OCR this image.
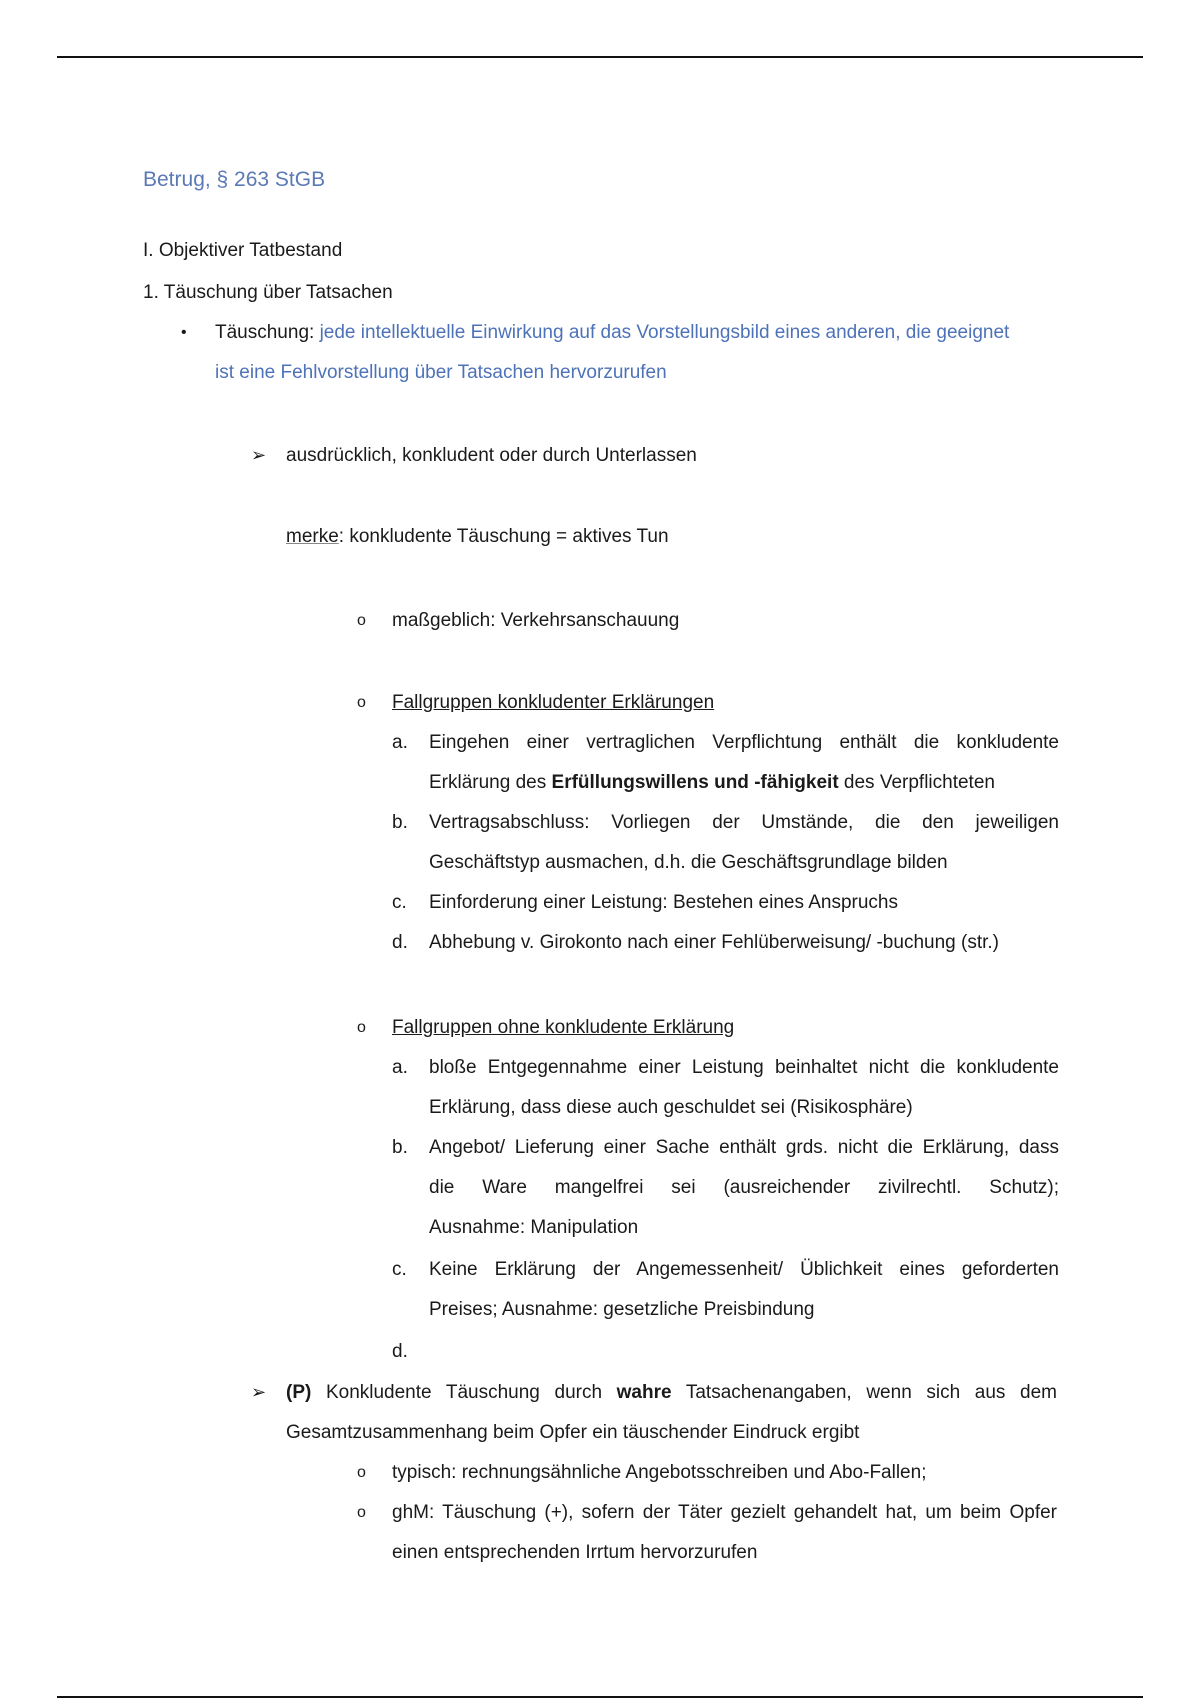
Betrug, § 263 StGB
I. Objektiver Tatbestand
1. Täuschung über Tatsachen
• Täuschung: jede intellektuelle Einwirkung auf das Vorstellungsbild eines anderen, die geeignet
ist eine Fehlvorstellung über Tatsachen hervorzurufen
➢ ausdrücklich, konkludent oder durch Unterlassen
merke: konkludente Täuschung = aktives Tun
o maßgeblich: Verkehrsanschauung
o Fallgruppen konkludenter Erklärungen
a. Eingehen einer vertraglichen Verpflichtung enthält die konkludente
Erklärung des Erfüllungswillens und -fähigkeit des Verpflichteten
b. Vertragsabschluss: Vorliegen der Umstände, die den jeweiligen
Geschäftstyp ausmachen, d.h. die Geschäftsgrundlage bilden
c. Einforderung einer Leistung: Bestehen eines Anspruchs
d. Abhebung v. Girokonto nach einer Fehlüberweisung/ -buchung (str.)
o Fallgruppen ohne konkludente Erklärung
a. bloße Entgegennahme einer Leistung beinhaltet nicht die konkludente
Erklärung, dass diese auch geschuldet sei (Risikosphäre)
b. Angebot/ Lieferung einer Sache enthält grds. nicht die Erklärung, dass
die Ware mangelfrei sei (ausreichender zivilrechtl. Schutz);
Ausnahme: Manipulation
c. Keine Erklärung der Angemessenheit/ Üblichkeit eines geforderten
Preises; Ausnahme: gesetzliche Preisbindung
d.
➢ (P) Konkludente Täuschung durch wahre Tatsachenangaben, wenn sich aus dem
Gesamtzusammenhang beim Opfer ein täuschender Eindruck ergibt
o typisch: rechnungsähnliche Angebotsschreiben und Abo-Fallen;
o ghM: Täuschung (+), sofern der Täter gezielt gehandelt hat, um beim Opfer
einen entsprechenden Irrtum hervorzurufen
